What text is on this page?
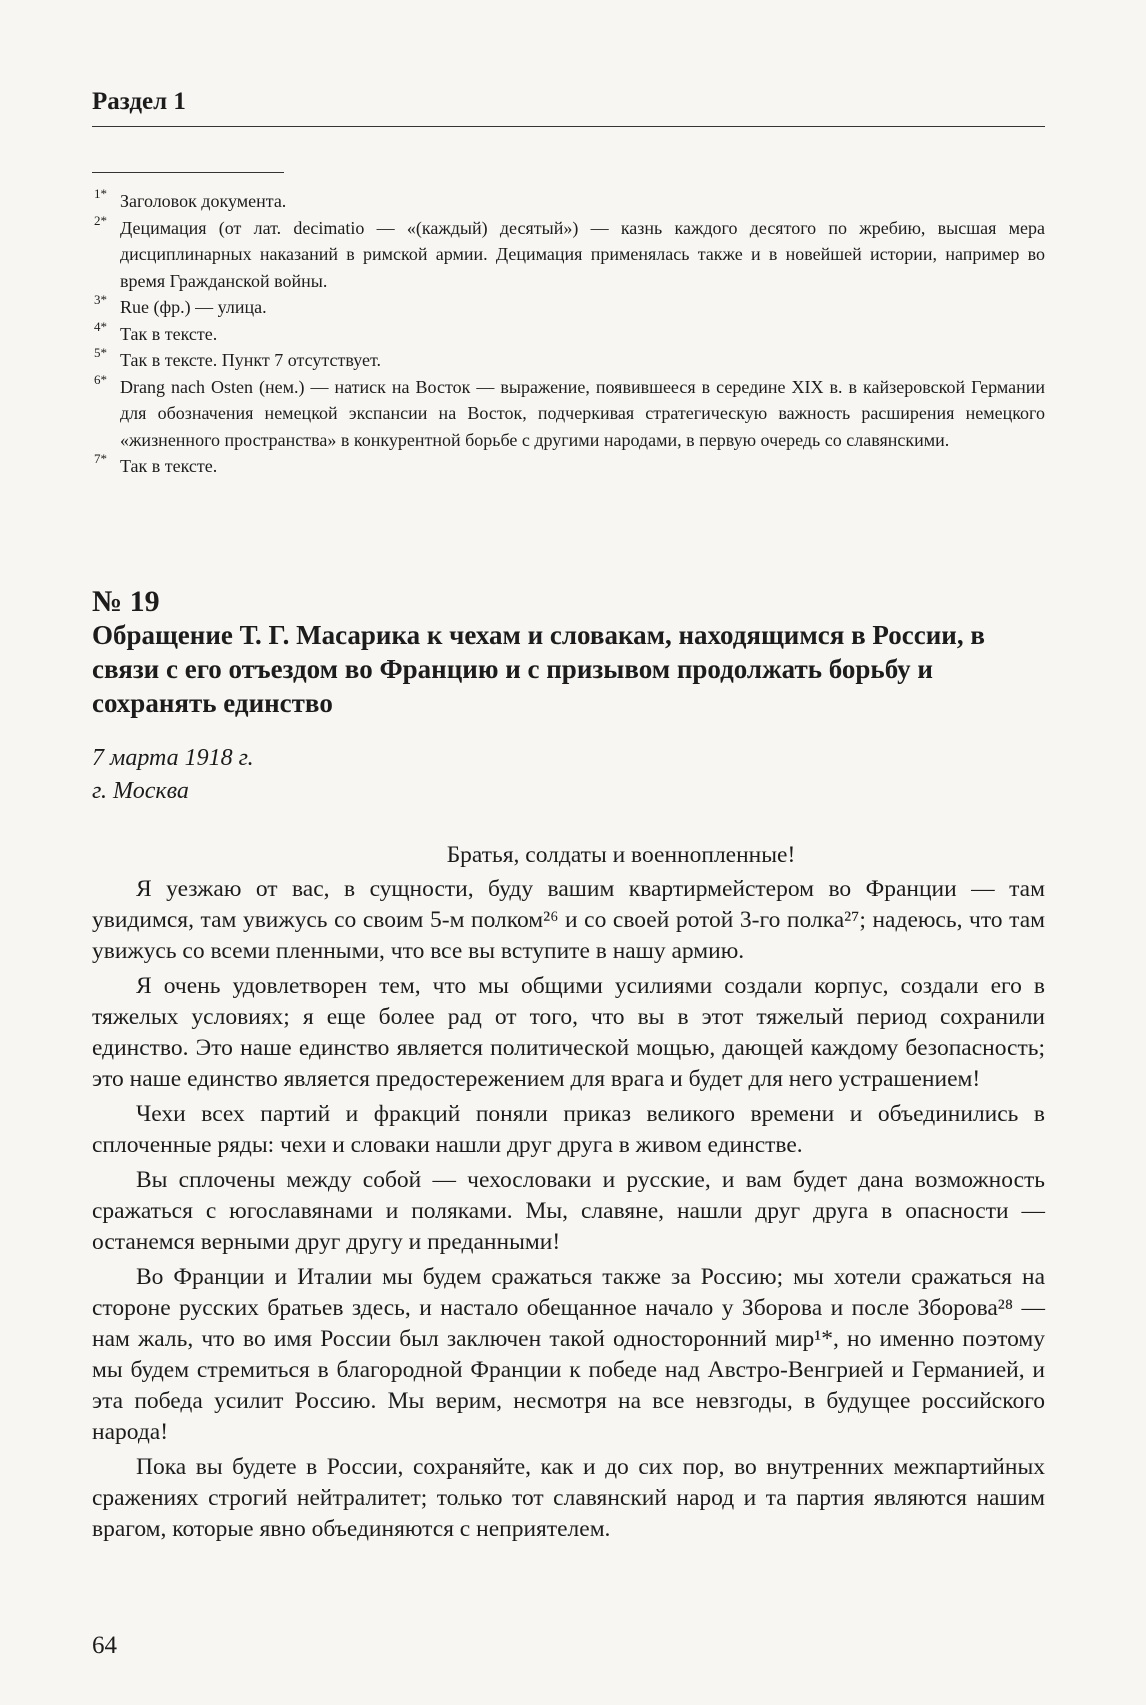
Раздел 1
1* Заголовок документа.
2* Децимация (от лат. decimatio — «(каждый) десятый») — казнь каждого десятого по жребию, высшая мера дисциплинарных наказаний в римской армии. Децимация применялась также и в новейшей истории, например во время Гражданской войны.
3* Rue (фр.) — улица.
4* Так в тексте.
5* Так в тексте. Пункт 7 отсутствует.
6* Drang nach Osten (нем.) — натиск на Восток — выражение, появившееся в середине XIX в. в кайзеровской Германии для обозначения немецкой экспансии на Восток, подчеркивая стратегическую важность расширения немецкого «жизненного пространства» в конкурентной борьбе с другими народами, в первую очередь со славянскими.
7* Так в тексте.
№ 19
Обращение Т. Г. Масарика к чехам и словакам, находящимся в России, в связи с его отъездом во Францию и с призывом продолжать борьбу и сохранять единство
7 марта 1918 г.
г. Москва
Братья, солдаты и военнопленные!

Я уезжаю от вас, в сущности, буду вашим квартирмейстером во Франции — там увидимся, там увижусь со своим 5-м полком²⁶ и со своей ротой 3-го полка²⁷; надеюсь, что там увижусь со всеми пленными, что все вы вступите в нашу армию.

Я очень удовлетворен тем, что мы общими усилиями создали корпус, создали его в тяжелых условиях; я еще более рад от того, что вы в этот тяжелый период сохранили единство. Это наше единство является политической мощью, дающей каждому безопасность; это наше единство является предостережением для врага и будет для него устрашением!

Чехи всех партий и фракций поняли приказ великого времени и объединились в сплоченные ряды: чехи и словаки нашли друг друга в живом единстве.

Вы сплочены между собой — чехословаки и русские, и вам будет дана возможность сражаться с югославянами и поляками. Мы, славяне, нашли друг друга в опасности — останемся верными друг другу и преданными!

Во Франции и Италии мы будем сражаться также за Россию; мы хотели сражаться на стороне русских братьев здесь, и настало обещанное начало у Зборова и после Зборова²⁸ — нам жаль, что во имя России был заключен такой односторонний мир¹*, но именно поэтому мы будем стремиться в благородной Франции к победе над Австро-Венгрией и Германией, и эта победа усилит Россию. Мы верим, несмотря на все невзгоды, в будущее российского народа!

Пока вы будете в России, сохраняйте, как и до сих пор, во внутренних межпартийных сражениях строгий нейтралитет; только тот славянский народ и та партия являются нашим врагом, которые явно объединяются с неприятелем.

64
